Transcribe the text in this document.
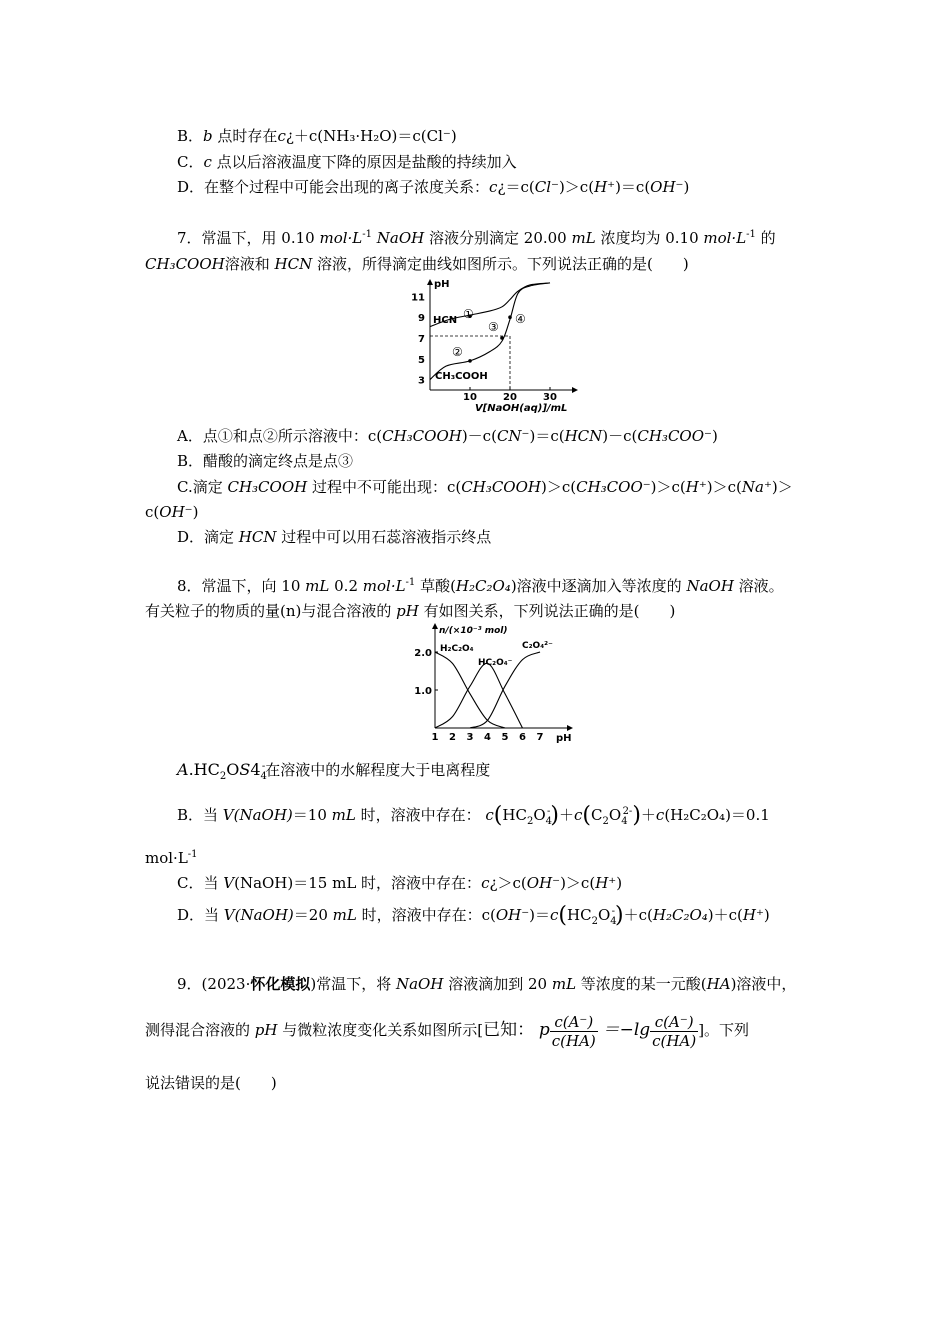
B．b 点时存在c¿＋c(NH₃·H₂O)＝c(Cl⁻)
C．c 点以后溶液温度下降的原因是盐酸的持续加入
D．在整个过程中可能会出现的离子浓度关系：c¿＝c(Cl⁻)＞c(H⁺)＝c(OH⁻)
7．常温下，用 0.10 $mol\cdot L^{-1}$ NaOH 溶液分别滴定 20.00 mL 浓度均为 0.10 $mol\cdot L^{-1}$ 的
CH₃COOH溶液和 HCN 溶液，所得滴定曲线如图所示。下列说法正确的是(　　)
pH
11
9
7
5
3
10	20	30
V[NaOH(aq)]/mL
HCN
CH₃COOH
①
②
③
④
A．点①和点②所示溶液中：c(CH₃COOH)－c(CN⁻)＝c(HCN)－c(CH₃COO⁻)
B．醋酸的滴定终点是点③
C.滴定 CH₃COOH 过程中不可能出现：c(CH₃COOH)＞c(CH₃COO⁻)＞c(H⁺)＞c(Na⁺)＞
c(OH⁻)
D．滴定 HCN 过程中可以用石蕊溶液指示终点
8．常温下，向 10 mL 0.2 $mol\cdot L^{-1}$ 草酸(H₂C₂O₄)溶液中逐滴加入等浓度的 NaOH 溶液。
有关粒子的物质的量(n)与混合溶液的 pH 有如图关系，下列说法正确的是(　　)
n/(×10⁻³ mol)
2.0
1.0
1 2 3 4 5 6 7 pH
H₂C₂O₄
HC₂O₄⁻
C₂O₄²⁻
$A.HC_2OS4_4^-$在溶液中的水解程度大于电离程度
B．当 V(NaOH)＝10 mL 时，溶液中存在： $c(HC_2O_4^-)+c(C_2O_4^{2-})+c(H_2C_2O_4)=0.1$
$mol\cdot L^{-1}$
C．当 V(NaOH)＝15 mL 时，溶液中存在：c¿＞c(OH⁻)＞c(H⁺)
D．当 V(NaOH)＝20 mL 时，溶液中存在：$c(OH^-)=c(HC_2O_4^-)+c(H_2C_2O_4)+c(H^+)$
9．(2023·怀化模拟)常温下，将 NaOH 溶液滴加到 20 mL 等浓度的某一元酸(HA)溶液中，
测得混合溶液的 pH 与微粒浓度变化关系如图所示[已知： p $\frac{c(A^-)}{c(HA)} =-\lg \frac{c(A^-)}{c(HA)}$ ]。下列
说法错误的是(　　)
